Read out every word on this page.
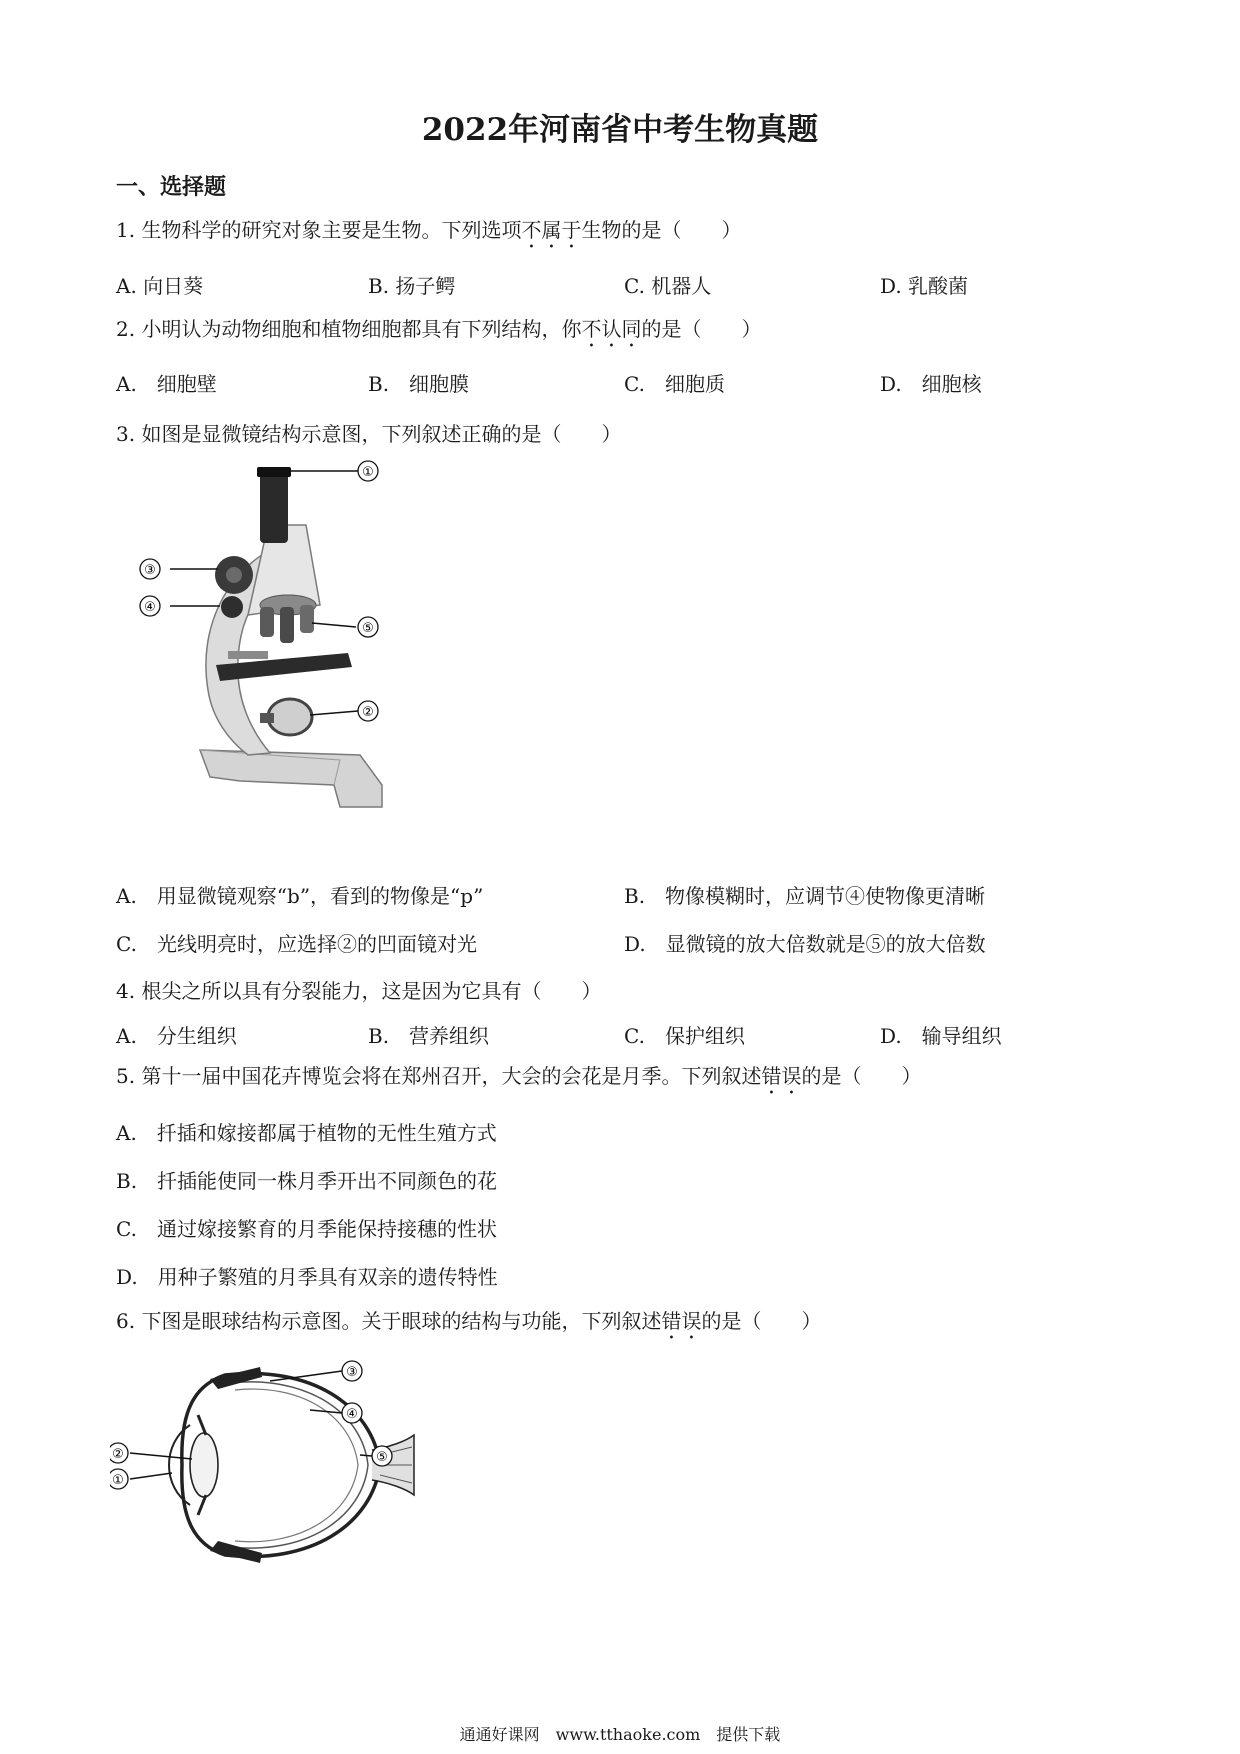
2022年河南省中考生物真题
一、选择题
1. 生物科学的研究对象主要是生物。下列选项不属于生物的是（　　）
A. 向日葵	B. 扬子鳄	C. 机器人	D. 乳酸菌
2. 小明认为动物细胞和植物细胞都具有下列结构，你不认同的是（　　）
A.　细胞壁	B.　细胞膜	C.　细胞质	D.　细胞核
3. 如图是显微镜结构示意图，下列叙述正确的是（　　）
①
②
③
④
⑤
A.　用显微镜观察“b”，看到的物像是“p”	B.　物像模糊时，应调节④使物像更清晰
C.　光线明亮时，应选择②的凹面镜对光	D.　显微镜的放大倍数就是⑤的放大倍数
4. 根尖之所以具有分裂能力，这是因为它具有（　　）
A.　分生组织	B.　营养组织	C.　保护组织	D.　输导组织
5. 第十一届中国花卉博览会将在郑州召开，大会的会花是月季。下列叙述错误的是（　　）
A.　扦插和嫁接都属于植物的无性生殖方式
B.　扦插能使同一株月季开出不同颜色的花
C.　通过嫁接繁育的月季能保持接穗的性状
D.　用种子繁殖的月季具有双亲的遗传特性
6. 下图是眼球结构示意图。关于眼球的结构与功能，下列叙述错误的是（　　）
①
②
③
④
⑤
通通好课网　www.tthaoke.com　提供下载
